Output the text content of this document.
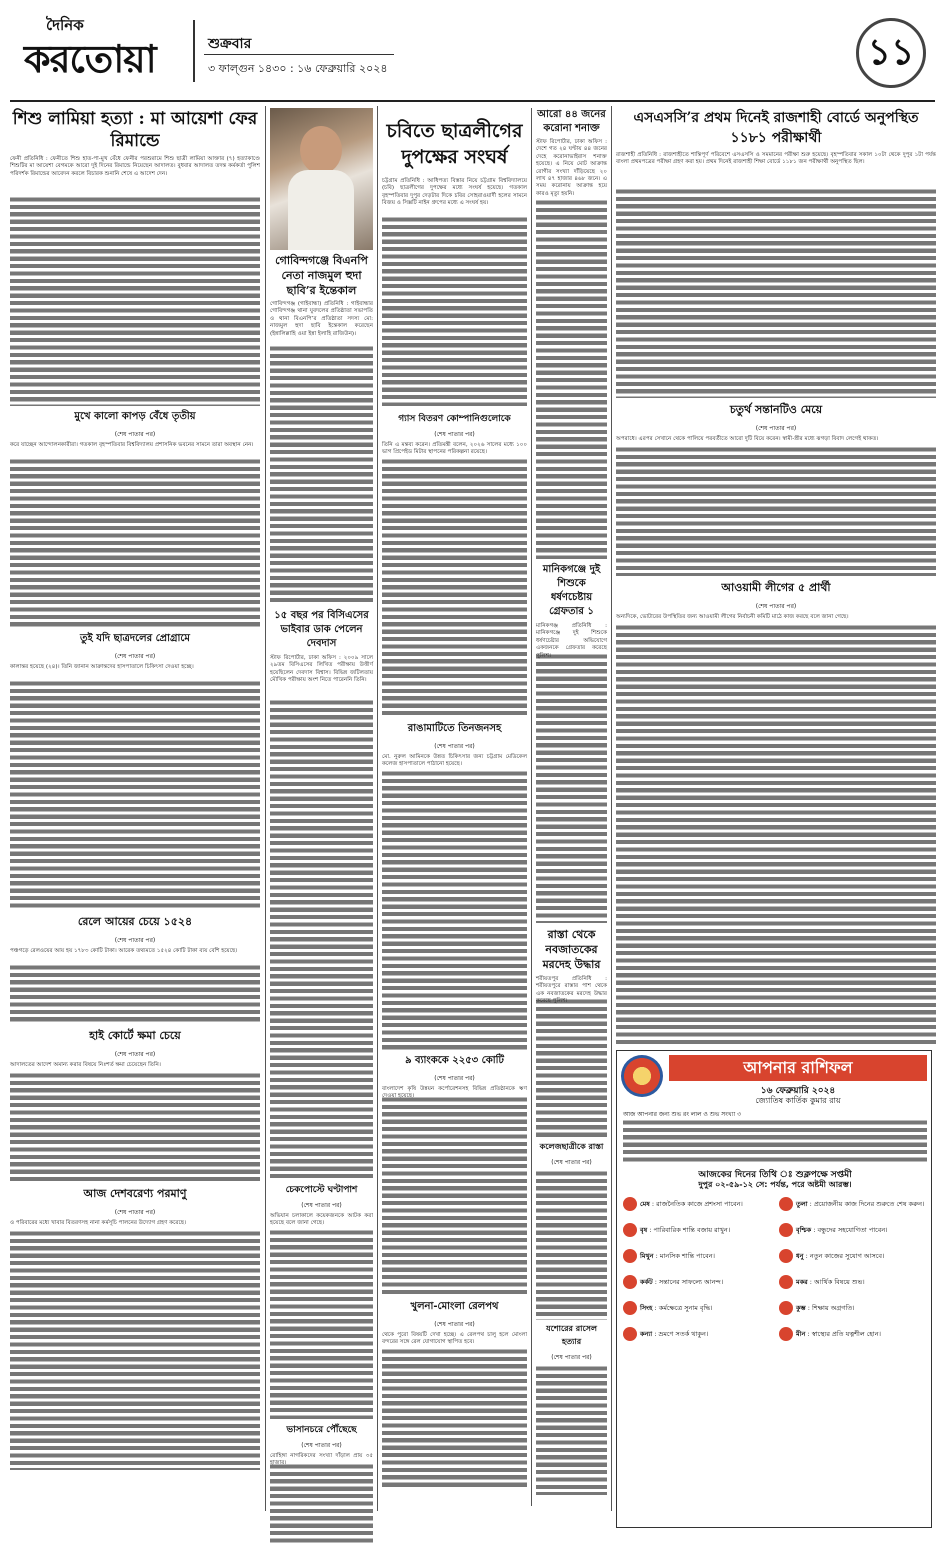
দৈনিক
করতোয়া	শুক্রবার
৩ ফাল্গুন ১৪৩০ : ১৬ ফেব্রুয়ারি ২০২৪	১১
শিশু লামিয়া হত্যা : মা আয়েশা ফের রিমান্ডে
ফেনী প্রতিনিধি : ফেনীতে শিশু হাত-পা-মুখ বেঁধে ফেনীর পরশুরামে শিশু ছাত্রী লামিয়া আক্তার (৭) হত্যাকাণ্ডে শিশুটির মা আয়েশা বেগমকে আরো দুই দিনের রিমান্ডে নিয়েছেন আদালত। বুধবার আদালত তদন্ত কর্মকর্তা পুলিশ পরিদর্শক রিমান্ডের আবেদন করলে বিচারক শুনানি শেষে এ আদেশ দেন।
মুখে কালো কাপড় বেঁধে তৃতীয়
(শেষ পাতার পর)
করে যাচ্ছেন আন্দোলনকারীরা। গতকাল বৃহস্পতিবার বিশ্ববিদ্যালয় প্রশাসনিক ভবনের সামনে তারা অবস্থান নেন।
তুই যদি ছাত্রদলের প্রোগ্রামে
(শেষ পাতার পর)
কালান্তর হয়েছে (২৪)। তিনি জানান আক্রান্তদের হাসপাতালে চিকিৎসা দেওয়া হচ্ছে।
রেলে আয়ের চেয়ে ১৫২৪
(শেষ পাতার পর)
পঞ্চগড়ে রেলওয়ের আয় হয় ১৭৮৩ কোটি টাকা। আরেক তথ্যমতে ১৫২৪ কোটি টাকা ব্যয় বেশি হয়েছে।
হাই কোর্টে ক্ষমা চেয়ে
(শেষ পাতার পর)
আদালতের আদেশ অমান্য করার বিষয়ে নিঃশর্ত ক্ষমা চেয়েছেন তিনি।
আজ দেশবরেণ্য পরমাণু
(শেষ পাতার পর)
ও পরিবারের মধ্যে খাবার বিতরণসহ নানা কর্মসূচি পালনের উদ্যোগ গ্রহণ করেছে।
গোবিন্দগঞ্জে বিএনপি নেতা নাজমুল হুদা ছাবি’র ইন্তেকাল
গোবিন্দগঞ্জ (গাইবান্ধা) প্রতিনিধি : গাইবান্ধার গোবিন্দগঞ্জ থানা যুবদলের প্রতিষ্ঠাতা সভাপতি ও থানা বিএনপি’র প্রতিষ্ঠাতা সদস্য মো: নাজমুল হুদা ছাবি ইন্তেকাল করেছেন (ইন্নালিল্লাহি ওয়া ইন্না ইলাহি রাজিউন)।
১৫ বছর পর বিসিএসের ভাইবার ডাক পেলেন দেবদাস
স্টাফ রিপোর্টার, ঢাকা অফিস : ২০০৯ সালে ২৯তম বিসিএসের লিখিত পরীক্ষায় উত্তীর্ণ হয়েছিলেন দেবদাস বিশ্বাস। বিভিন্ন জটিলতায় মৌখিক পরীক্ষায় অংশ নিতে পারেননি তিনি।
চেকপোস্টে ঘণ্টাপাশ
(শেষ পাতার পর)
অভিযান চলাকালে কয়েকজনকে আটক করা হয়েছে বলে জানা গেছে।
ভাসানচরে পৌঁছেছে
(শেষ পাতার পর)
রোহিঙ্গা নাগরিকদের সংখ্যা দাঁড়াল প্রায় ৩৫ হাজার।
চবিতে ছাত্রলীগের দুপক্ষের সংঘর্ষ
চট্টগ্রাম প্রতিনিধি : আধিপত্য বিস্তার নিয়ে চট্টগ্রাম বিশ্ববিদ্যালয়ে (চবি) ছাত্রলীগের দুপক্ষের মধ্যে সংঘর্ষ হয়েছে। গতকাল বৃহস্পতিবার দুপুর দেড়টার দিকে চবির সোহরাওয়ার্দী হলের সামনে বিজয় ও সিক্সটি নাইন গ্রুপের মধ্যে এ সংঘর্ষ হয়।
গ্যাস বিতরণ কোম্পানিগুলোকে
(শেষ পাতার পর)
তিনি এ মন্তব্য করেন। প্রতিমন্ত্রী বলেন, ২০২৬ সালের মধ্যে ১০০ ভাগ প্রিপেইড মিটার স্থাপনের পরিকল্পনা রয়েছে।
রাঙামাটিতে তিনজনসহ
(শেষ পাতার পর)
মো. নুরুল আমিনকে উন্নত চিকিৎসার জন্য চট্টগ্রাম মেডিকেল কলেজ হাসপাতালে পাঠানো হয়েছে।
৯ ব্যাংককে ২২৫৩ কোটি
(শেষ পাতার পর)
বাংলাদেশ কৃষি উন্নয়ন কর্পোরেশনসহ বিভিন্ন প্রতিষ্ঠানকে ঋণ দেওয়া হয়েছে।
খুলনা-মোংলা রেলপথ
(শেষ পাতার পর)
থেকে পুরো বিষয়টি দেখা হচ্ছে। এ রেলপথ চালু হলে মোংলা বন্দরের সঙ্গে রেল যোগাযোগ স্থাপিত হবে।
আরো ৪৪ জনের করোনা শনাক্ত
স্টাফ রিপোর্টার, ঢাকা অফিস : দেশে গত ২৪ ঘণ্টায় ৪৪ জনের দেহে করোনাভাইরাস শনাক্ত হয়েছে। এ নিয়ে মোট আক্রান্ত রোগীর সংখ্যা দাঁড়িয়েছে ২০ লাখ ৪৭ হাজার ৪৬৮ জনে। এ সময় করোনায় আক্রান্ত হয়ে কারও মৃত্যু হয়নি।
মানিকগঞ্জে দুই শিশুকে ধর্ষণচেষ্টায় গ্রেফতার ১
মানিকগঞ্জ প্রতিনিধি : মানিকগঞ্জে দুই শিশুকে ধর্ষণচেষ্টার অভিযোগে একজনকে গ্রেফতার করেছে পুলিশ।
রাস্তা থেকে নবজাতকের মরদেহ উদ্ধার
শরীয়তপুর প্রতিনিধি : শরীয়তপুরে রাস্তার পাশ থেকে এক নবজাতকের মরদেহ উদ্ধার করেছে পুলিশ।
কলেজছাত্রীকে রাস্তা
(শেষ পাতার পর)
যশোরের রাসেল হত্যার
(শেষ পাতার পর)
এসএসসি’র প্রথম দিনেই রাজশাহী বোর্ডে অনুপস্থিত ১১৮১ পরীক্ষার্থী
রাজশাহী প্রতিনিধি : রাজশাহীতে শান্তিপূর্ণ পরিবেশে এসএসসি ও সমমানের পরীক্ষা শুরু হয়েছে। বৃহস্পতিবার সকাল ১০টা থেকে দুপুর ১টা পর্যন্ত বাংলা প্রথমপত্রের পরীক্ষা গ্রহণ করা হয়। প্রথম দিনেই রাজশাহী শিক্ষা বোর্ডে ১১৮১ জন পরীক্ষার্থী অনুপস্থিত ছিল।
চতুর্থ সন্তানটিও মেয়ে
(শেষ পাতার পর)
অপরাধে। এরপর সেখানে থেকে পালিয়ে পরবর্তীতে আরো দুটি বিয়ে করেন। স্বামী-স্ত্রীর মধ্যে ঝগড়া বিবাদ লেগেই থাকত।
আওয়ামী লীগের ৫ প্রার্থী
(শেষ পাতার পর)
অন্যদিকে, ভোটারের উপস্থিতির জন্য আওয়ামী লীগের নির্বাচনী কমিটি মাঠে কাজ করছে বলে জানা গেছে।
আপনার রাশিফল
১৬ ফেব্রুয়ারি ২০২৪
জ্যোতিষ কার্তিক কুমার রায়
আজ আপনার জন্য শুভ রং লাল ও শুভ সংখ্যা ৩
আজকের দিনের তিথি ঃ শুক্লপক্ষে সপ্তমী
দুপুর ০২-৫৯-১২ সে: পর্যন্ত, পরে অষ্টমী আরম্ভ।
মেষ : রাজনৈতিক কাজে প্রশংসা পাবেন।
বৃষ : পারিবারিক শান্তি বজায় রাখুন।
মিথুন : মানসিক শান্তি পাবেন।
কর্কট : সন্তানের সাফল্যে আনন্দ।
সিংহ : কর্মক্ষেত্রে সুনাম বৃদ্ধি।
কন্যা : ভ্রমণে সতর্ক থাকুন।
তুলা : প্রয়োজনীয় কাজ দিনের শুরুতে শেষ করুন।
বৃশ্চিক : বন্ধুদের সহযোগিতা পাবেন।
ধনু : নতুন কাজের সুযোগ আসবে।
মকর : আর্থিক বিষয়ে শুভ।
কুম্ভ : শিক্ষায় অগ্রগতি।
মীন : স্বাস্থ্যের প্রতি যত্নশীল হোন।
